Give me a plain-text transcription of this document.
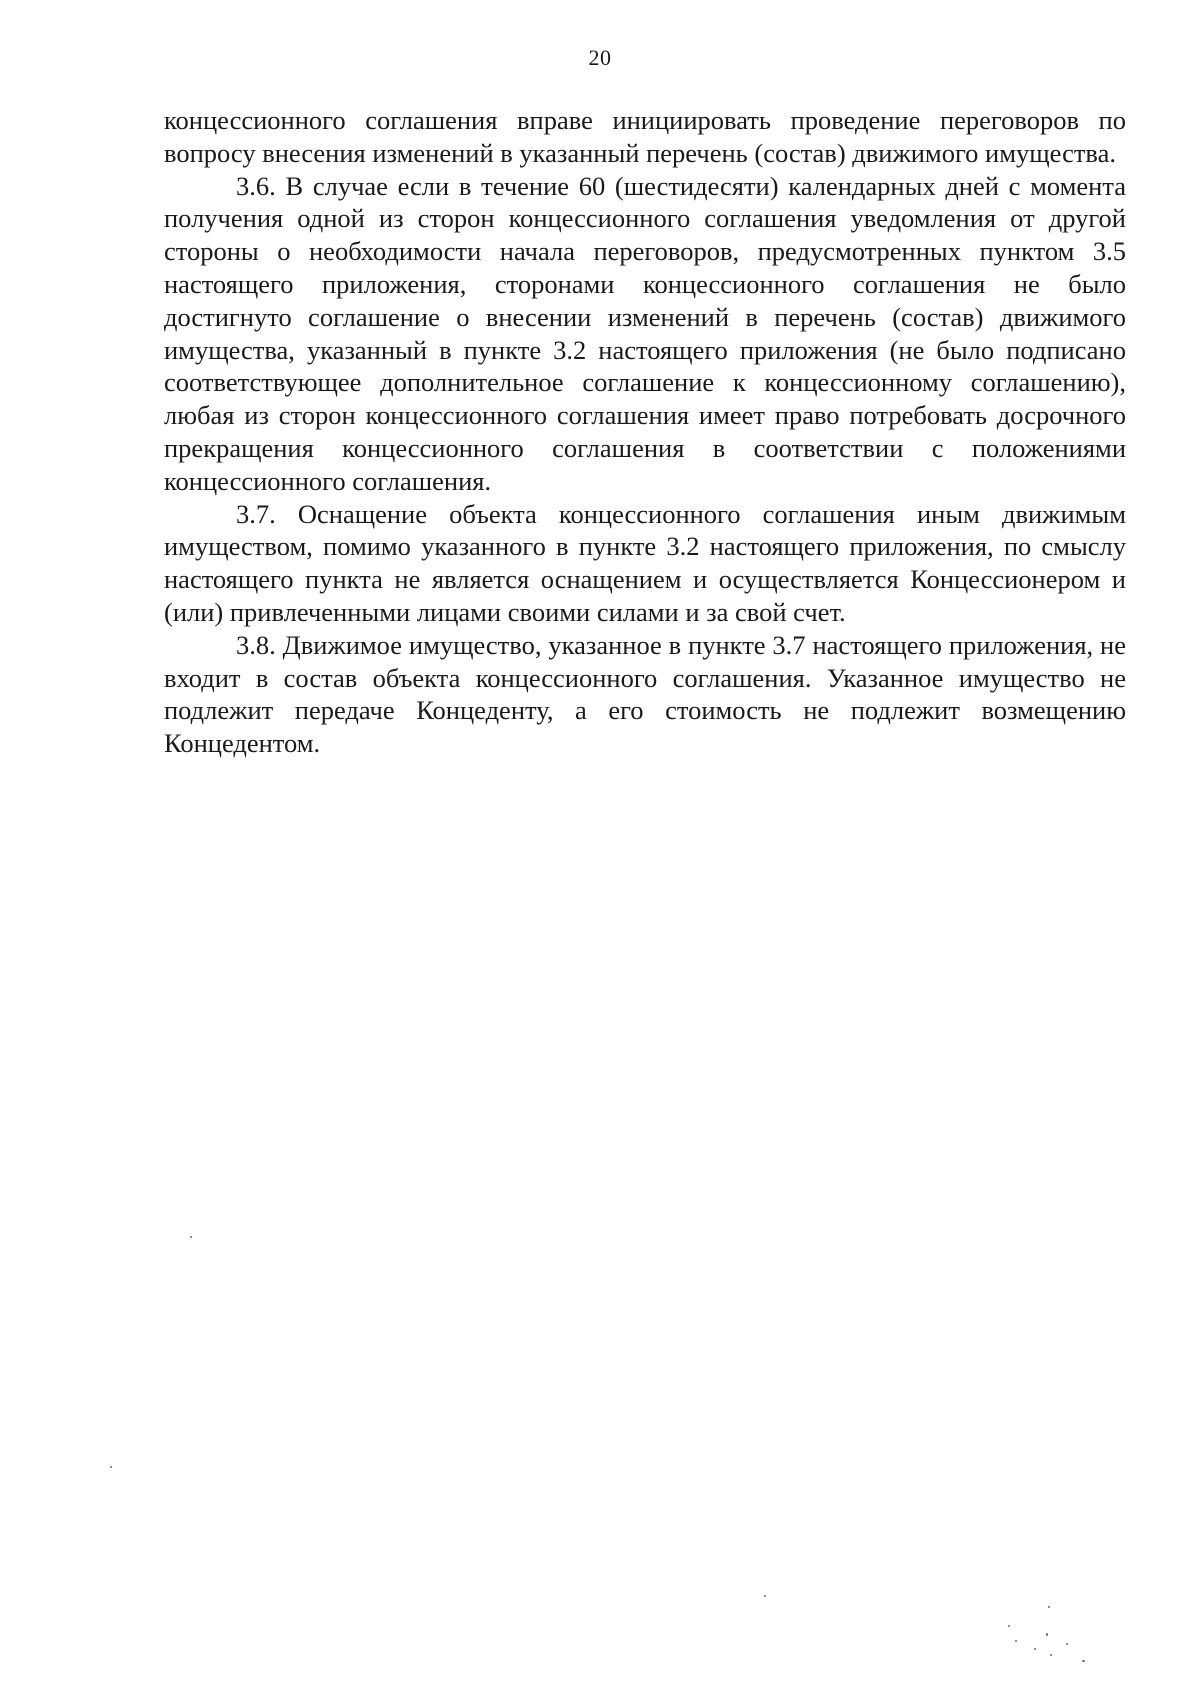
20

концессионного соглашения вправе инициировать проведение переговоров по вопросу внесения изменений в указанный перечень (состав) движимого имущества.

3.6. В случае если в течение 60 (шестидесяти) календарных дней с момента получения одной из сторон концессионного соглашения уведомления от другой стороны о необходимости начала переговоров, предусмотренных пунктом 3.5 настоящего приложения, сторонами концессионного соглашения не было достигнуто соглашение о внесении изменений в перечень (состав) движимого имущества, указанный в пункте 3.2 настоящего приложения (не было подписано соответствующее дополнительное соглашение к концессионному соглашению), любая из сторон концессионного соглашения имеет право потребовать досрочного прекращения концессионного соглашения в соответствии с положениями концессионного соглашения.

3.7. Оснащение объекта концессионного соглашения иным движимым имуществом, помимо указанного в пункте 3.2 настоящего приложения, по смыслу настоящего пункта не является оснащением и осуществляется Концессионером и (или) привлеченными лицами своими силами и за свой счет.

3.8. Движимое имущество, указанное в пункте 3.7 настоящего приложения, не входит в состав объекта концессионного соглашения. Указанное имущество не подлежит передаче Концеденту, а его стоимость не подлежит возмещению Концедентом.
